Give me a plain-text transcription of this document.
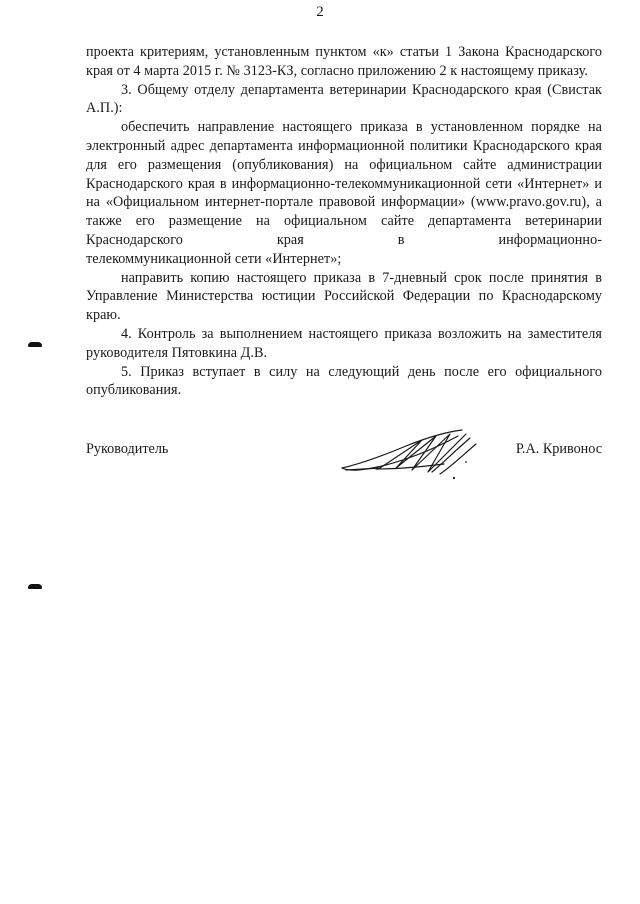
2

проекта критериям, установленным пунктом «к» статьи 1 Закона Краснодарского края от 4 марта 2015 г. № 3123-КЗ, согласно приложению 2 к настоящему приказу.

3. Общему отделу департамента ветеринарии Краснодарского края (Свистак А.П.):

обеспечить направление настоящего приказа в установленном порядке на электронный адрес департамента информационной политики Краснодарского края для его размещения (опубликования) на официальном сайте администрации Краснодарского края в информационно-телекоммуникационной сети «Интернет» и на «Официальном интернет-портале правовой информации» (www.pravo.gov.ru), а также его размещение на официальном сайте департамента ветеринарии Краснодарского края в информационно-

телекоммуникационной сети «Интернет»;

направить копию настоящего приказа в 7-дневный срок после принятия в Управление Министерства юстиции Российской Федерации по Краснодарскому краю.

4. Контроль за выполнением настоящего приказа возложить на заместителя руководителя Пятовкина Д.В.

5. Приказ вступает в силу на следующий день после его официального опубликования.

Руководитель	Р.А. Кривонос
